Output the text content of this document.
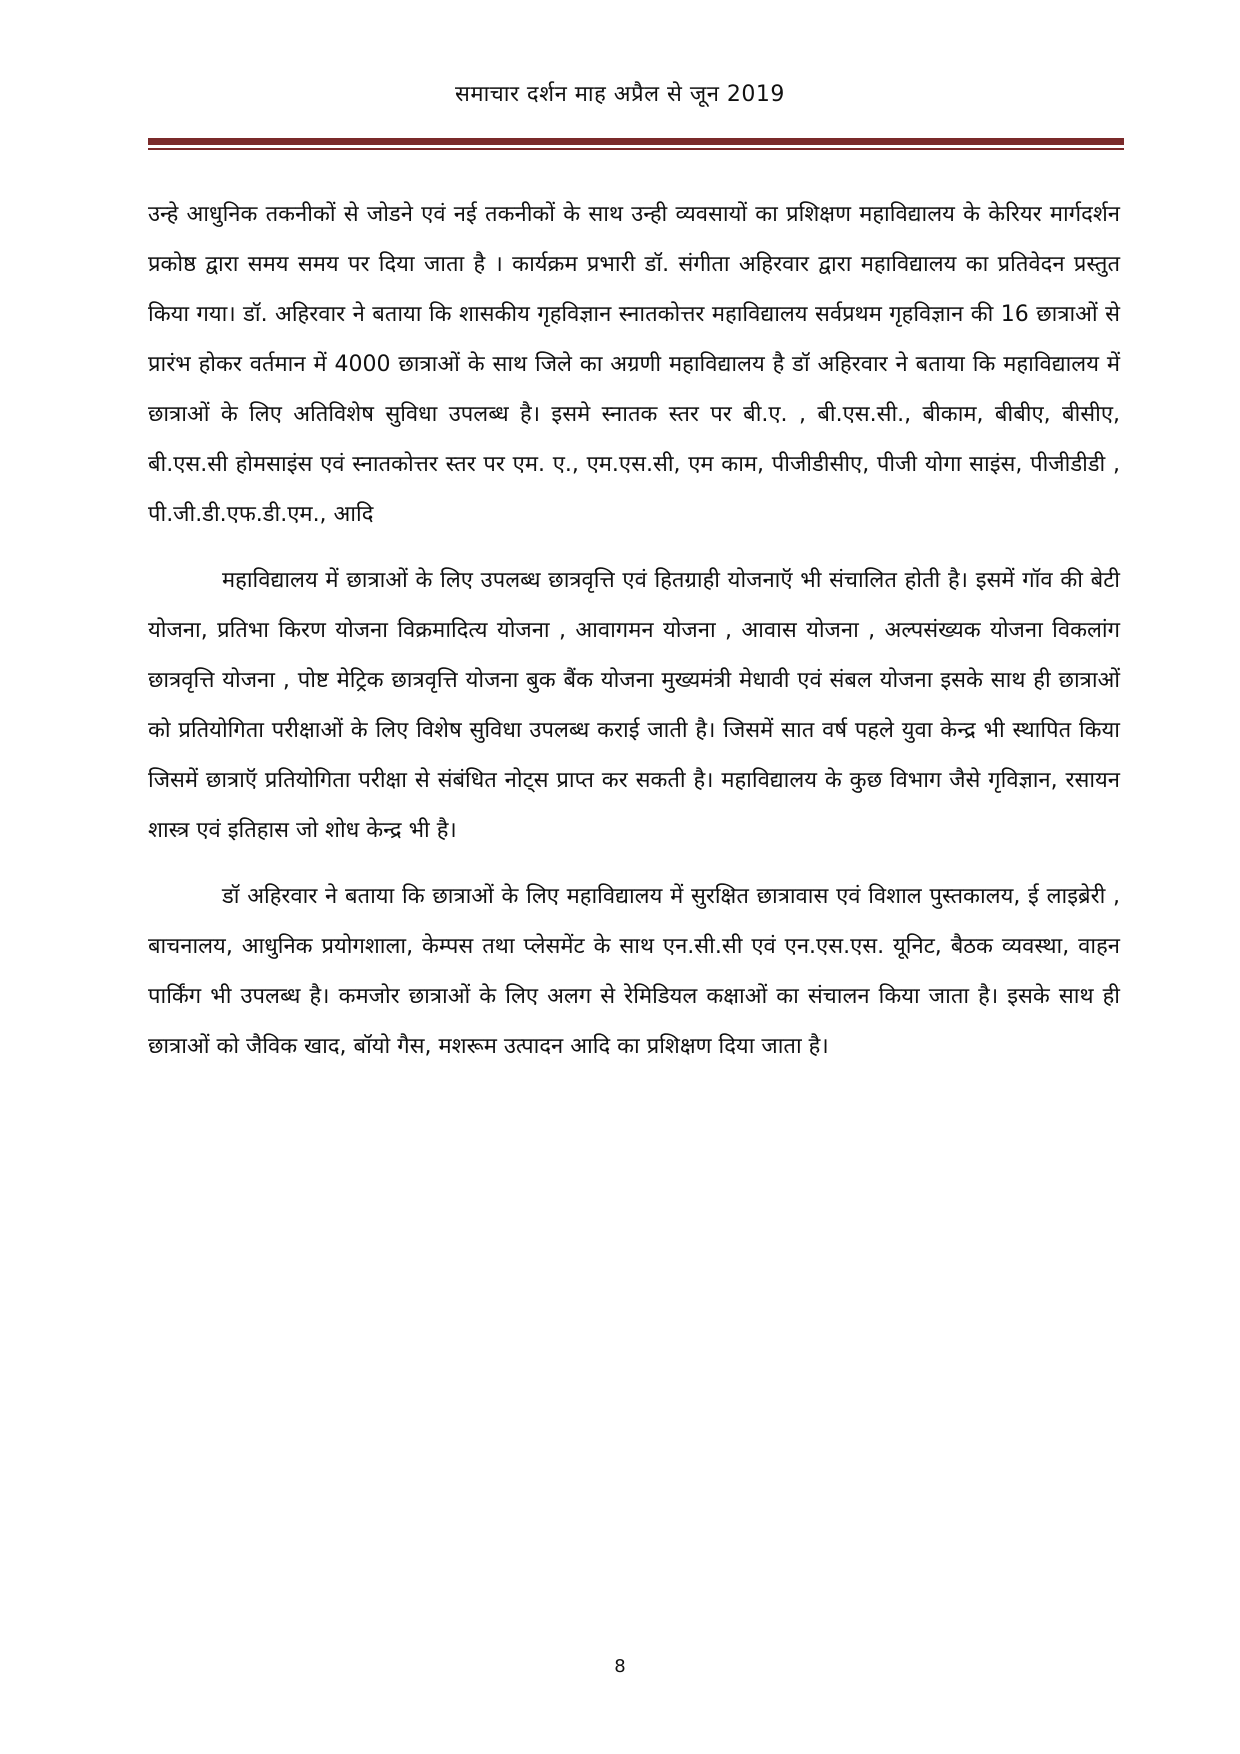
समाचार दर्शन माह अप्रैल से जून 2019

उन्हे आधुनिक तकनीकों से जोडने एवं नई तकनीकों के साथ उन्ही व्यवसायों का प्रशिक्षण महाविद्यालय के केरियर मार्गदर्शन प्रकोष्ठ द्वारा समय समय पर दिया जाता है । कार्यक्रम प्रभारी डॉ. संगीता अहिरवार द्वारा महाविद्यालय का प्रतिवेदन प्रस्तुत किया गया। डॉ. अहिरवार ने बताया कि शासकीय गृहविज्ञान स्नातकोत्तर महाविद्यालय सर्वप्रथम गृहविज्ञान की 16 छात्राओं से प्रारंभ होकर वर्तमान में 4000 छात्राओं के साथ जिले का अग्रणी महाविद्यालय है डॉ अहिरवार ने बताया कि महाविद्यालय में छात्राओं के लिए अतिविशेष सुविधा उपलब्ध है। इसमे स्नातक स्तर पर बी.ए. , बी.एस.सी., बीकाम, बीबीए, बीसीए, बी.एस.सी होमसाइंस एवं स्नातकोत्तर स्तर पर एम. ए., एम.एस.सी, एम काम, पीजीडीसीए, पीजी योगा साइंस, पीजीडीडी , पी.जी.डी.एफ.डी.एम., आदि

महाविद्यालय में छात्राओं के लिए उपलब्ध छात्रवृत्ति एवं हितग्राही योजनाऍ भी संचालित होती है। इसमें गॉव की बेटी योजना, प्रतिभा किरण योजना विक्रमादित्य योजना , आवागमन योजना , आवास योजना , अल्पसंख्यक योजना विकलांग छात्रवृत्ति योजना , पोष्ट मेट्रिक छात्रवृत्ति योजना बुक बैंक योजना मुख्यमंत्री मेधावी एवं संबल योजना इसके साथ ही छात्राओं को प्रतियोगिता परीक्षाओं के लिए विशेष सुविधा उपलब्ध कराई जाती है। जिसमें सात वर्ष पहले युवा केन्द्र भी स्थापित किया जिसमें छात्राऍ प्रतियोगिता परीक्षा से संबंधित नोट्स प्राप्त कर सकती है। महाविद्यालय के कुछ विभाग जैसे गृविज्ञान, रसायन शास्त्र एवं इतिहास जो शोध केन्द्र भी है।

डॉ अहिरवार ने बताया कि छात्राओं के लिए महाविद्यालय में सुरक्षित छात्रावास एवं विशाल पुस्तकालय, ई लाइब्रेरी , बाचनालय, आधुनिक प्रयोगशाला, केम्पस तथा प्लेसमेंट के साथ एन.सी.सी एवं एन.एस.एस. यूनिट, बैठक व्यवस्था, वाहन पार्किंग भी उपलब्ध है। कमजोर छात्राओं के लिए अलग से रेमिडियल कक्षाओं का संचालन किया जाता है। इसके साथ ही छात्राओं को जैविक खाद, बॉयो गैस, मशरूम उत्पादन आदि का प्रशिक्षण दिया जाता है।

8
